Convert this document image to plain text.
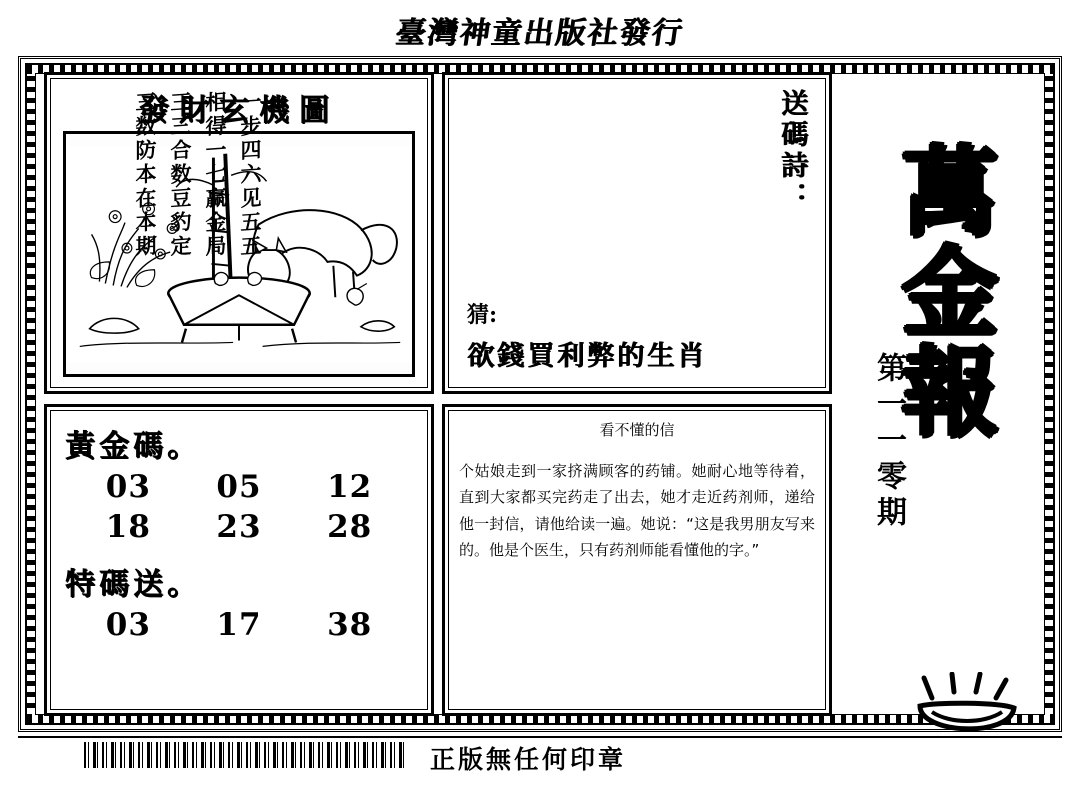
臺灣神童出版社發行
發財玄機圖	送碼詩：
三数防本在本期 三三合数豆豹定 相得一七赢金局 一步四六见五五
猜:
欲錢買利弊的生肖
黃金碼。
03	05	12
18	23	28
特碼送。
03	17	38
看不懂的信
个姑娘走到一家挤满顾客的药铺。她耐心地等待着，直到大家都买完药走了出去，她才走近药剂师，递给他一封信，请他给读一遍。她说：“这是我男朋友写来的。他是个医生，只有药剂师能看懂他的字。”
萬金報
第一一零期
正版無任何印章
